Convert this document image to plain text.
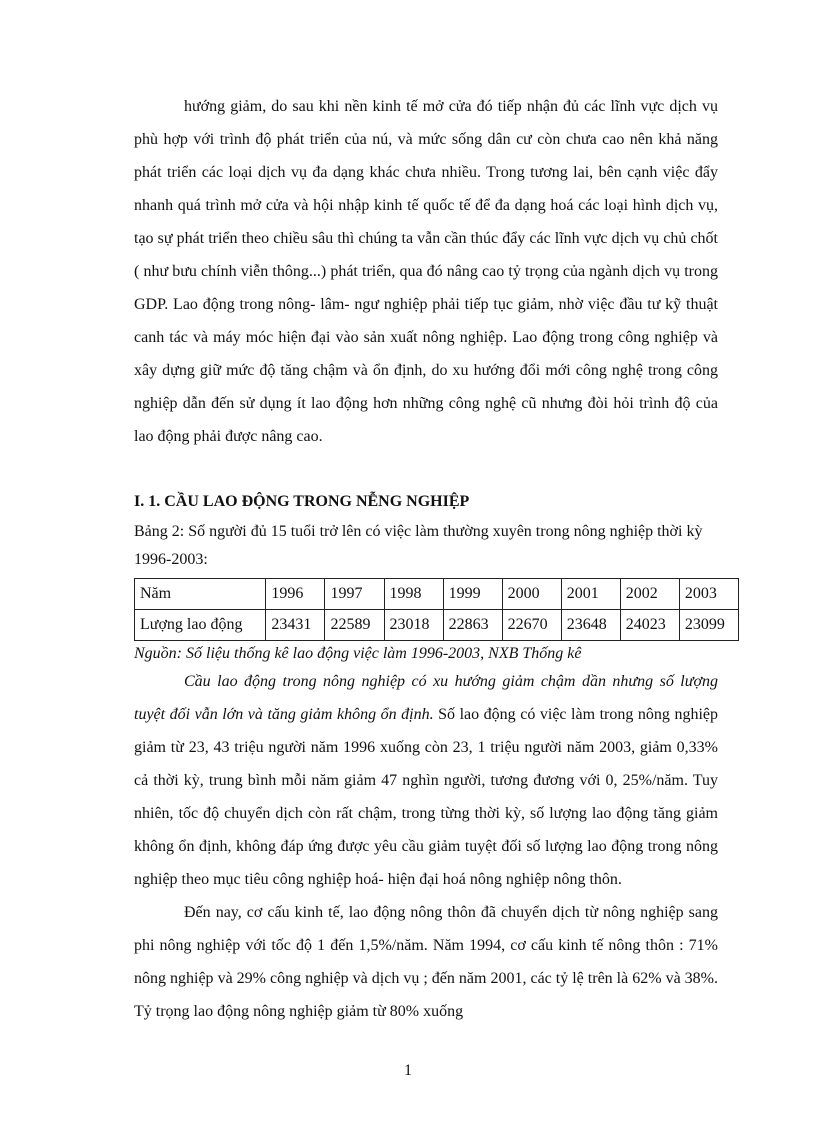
hướng giảm, do sau khi nền kinh tế mở cửa đó tiếp nhận đủ các lĩnh vực dịch vụ phù hợp với trình độ phát triển của nú, và mức sống dân cư còn chưa cao nên khả năng phát triển các loại dịch vụ đa dạng khác chưa nhiều. Trong tương lai, bên cạnh việc đẩy nhanh quá trình mở cửa và hội nhập kinh tế quốc tế để đa dạng hoá các loại hình dịch vụ, tạo sự phát triển theo chiều sâu thì chúng ta vẫn cần thúc đẩy các lĩnh vực dịch vụ chủ chốt ( như bưu chính viễn thông...) phát triển, qua đó nâng cao tỷ trọng của ngành dịch vụ trong GDP. Lao động trong nông- lâm- ngư nghiệp phải tiếp tục giảm, nhờ việc đầu tư kỹ thuật canh tác và máy móc hiện đại vào sản xuất nông nghiệp. Lao động trong công nghiệp và xây dựng giữ mức độ tăng chậm và ổn định, do xu hướng đổi mới công nghệ trong công nghiệp dẫn đến sử dụng ít lao động hơn những công nghệ cũ nhưng đòi hỏi trình độ của lao động phải được nâng cao.

I. 1. CẦU LAO ĐỘNG TRONG NỄNG NGHIỆP

Bảng 2: Số người đủ 15 tuổi trở lên có việc làm thường xuyên trong nông nghiệp thời kỳ 1996-2003:

Năm	1996	1997	1998	1999	2000	2001	2002	2003
Lượng lao động	23431	22589	23018	22863	22670	23648	24023	23099

Nguồn: Số liệu thống kê lao động việc làm 1996-2003, NXB Thống kê

Cầu lao động trong nông nghiệp có xu hướng giảm chậm dần nhưng số lượng tuyệt đối vẫn lớn và tăng giảm không ổn định. Số lao động có việc làm trong nông nghiệp giảm từ 23, 43 triệu người năm 1996 xuống còn 23, 1 triệu người năm 2003, giảm 0,33% cả thời kỳ, trung bình mỗi năm giảm 47 nghìn người, tương đương với 0, 25%/năm. Tuy nhiên, tốc độ chuyển dịch còn rất chậm, trong từng thời kỳ, số lượng lao động tăng giảm không ổn định, không đáp ứng được yêu cầu giảm tuyệt đối số lượng lao động trong nông nghiệp theo mục tiêu công nghiệp hoá- hiện đại hoá nông nghiệp nông thôn.

Đến nay, cơ cấu kinh tế, lao động nông thôn đã chuyển dịch từ nông nghiệp sang phi nông nghiệp với tốc độ 1 đến 1,5%/năm. Năm 1994, cơ cấu kinh tế nông thôn : 71% nông nghiệp và 29% công nghiệp và dịch vụ ; đến năm 2001, các tỷ lệ trên là 62% và 38%. Tỷ trọng lao động nông nghiệp giảm từ 80% xuống

1
